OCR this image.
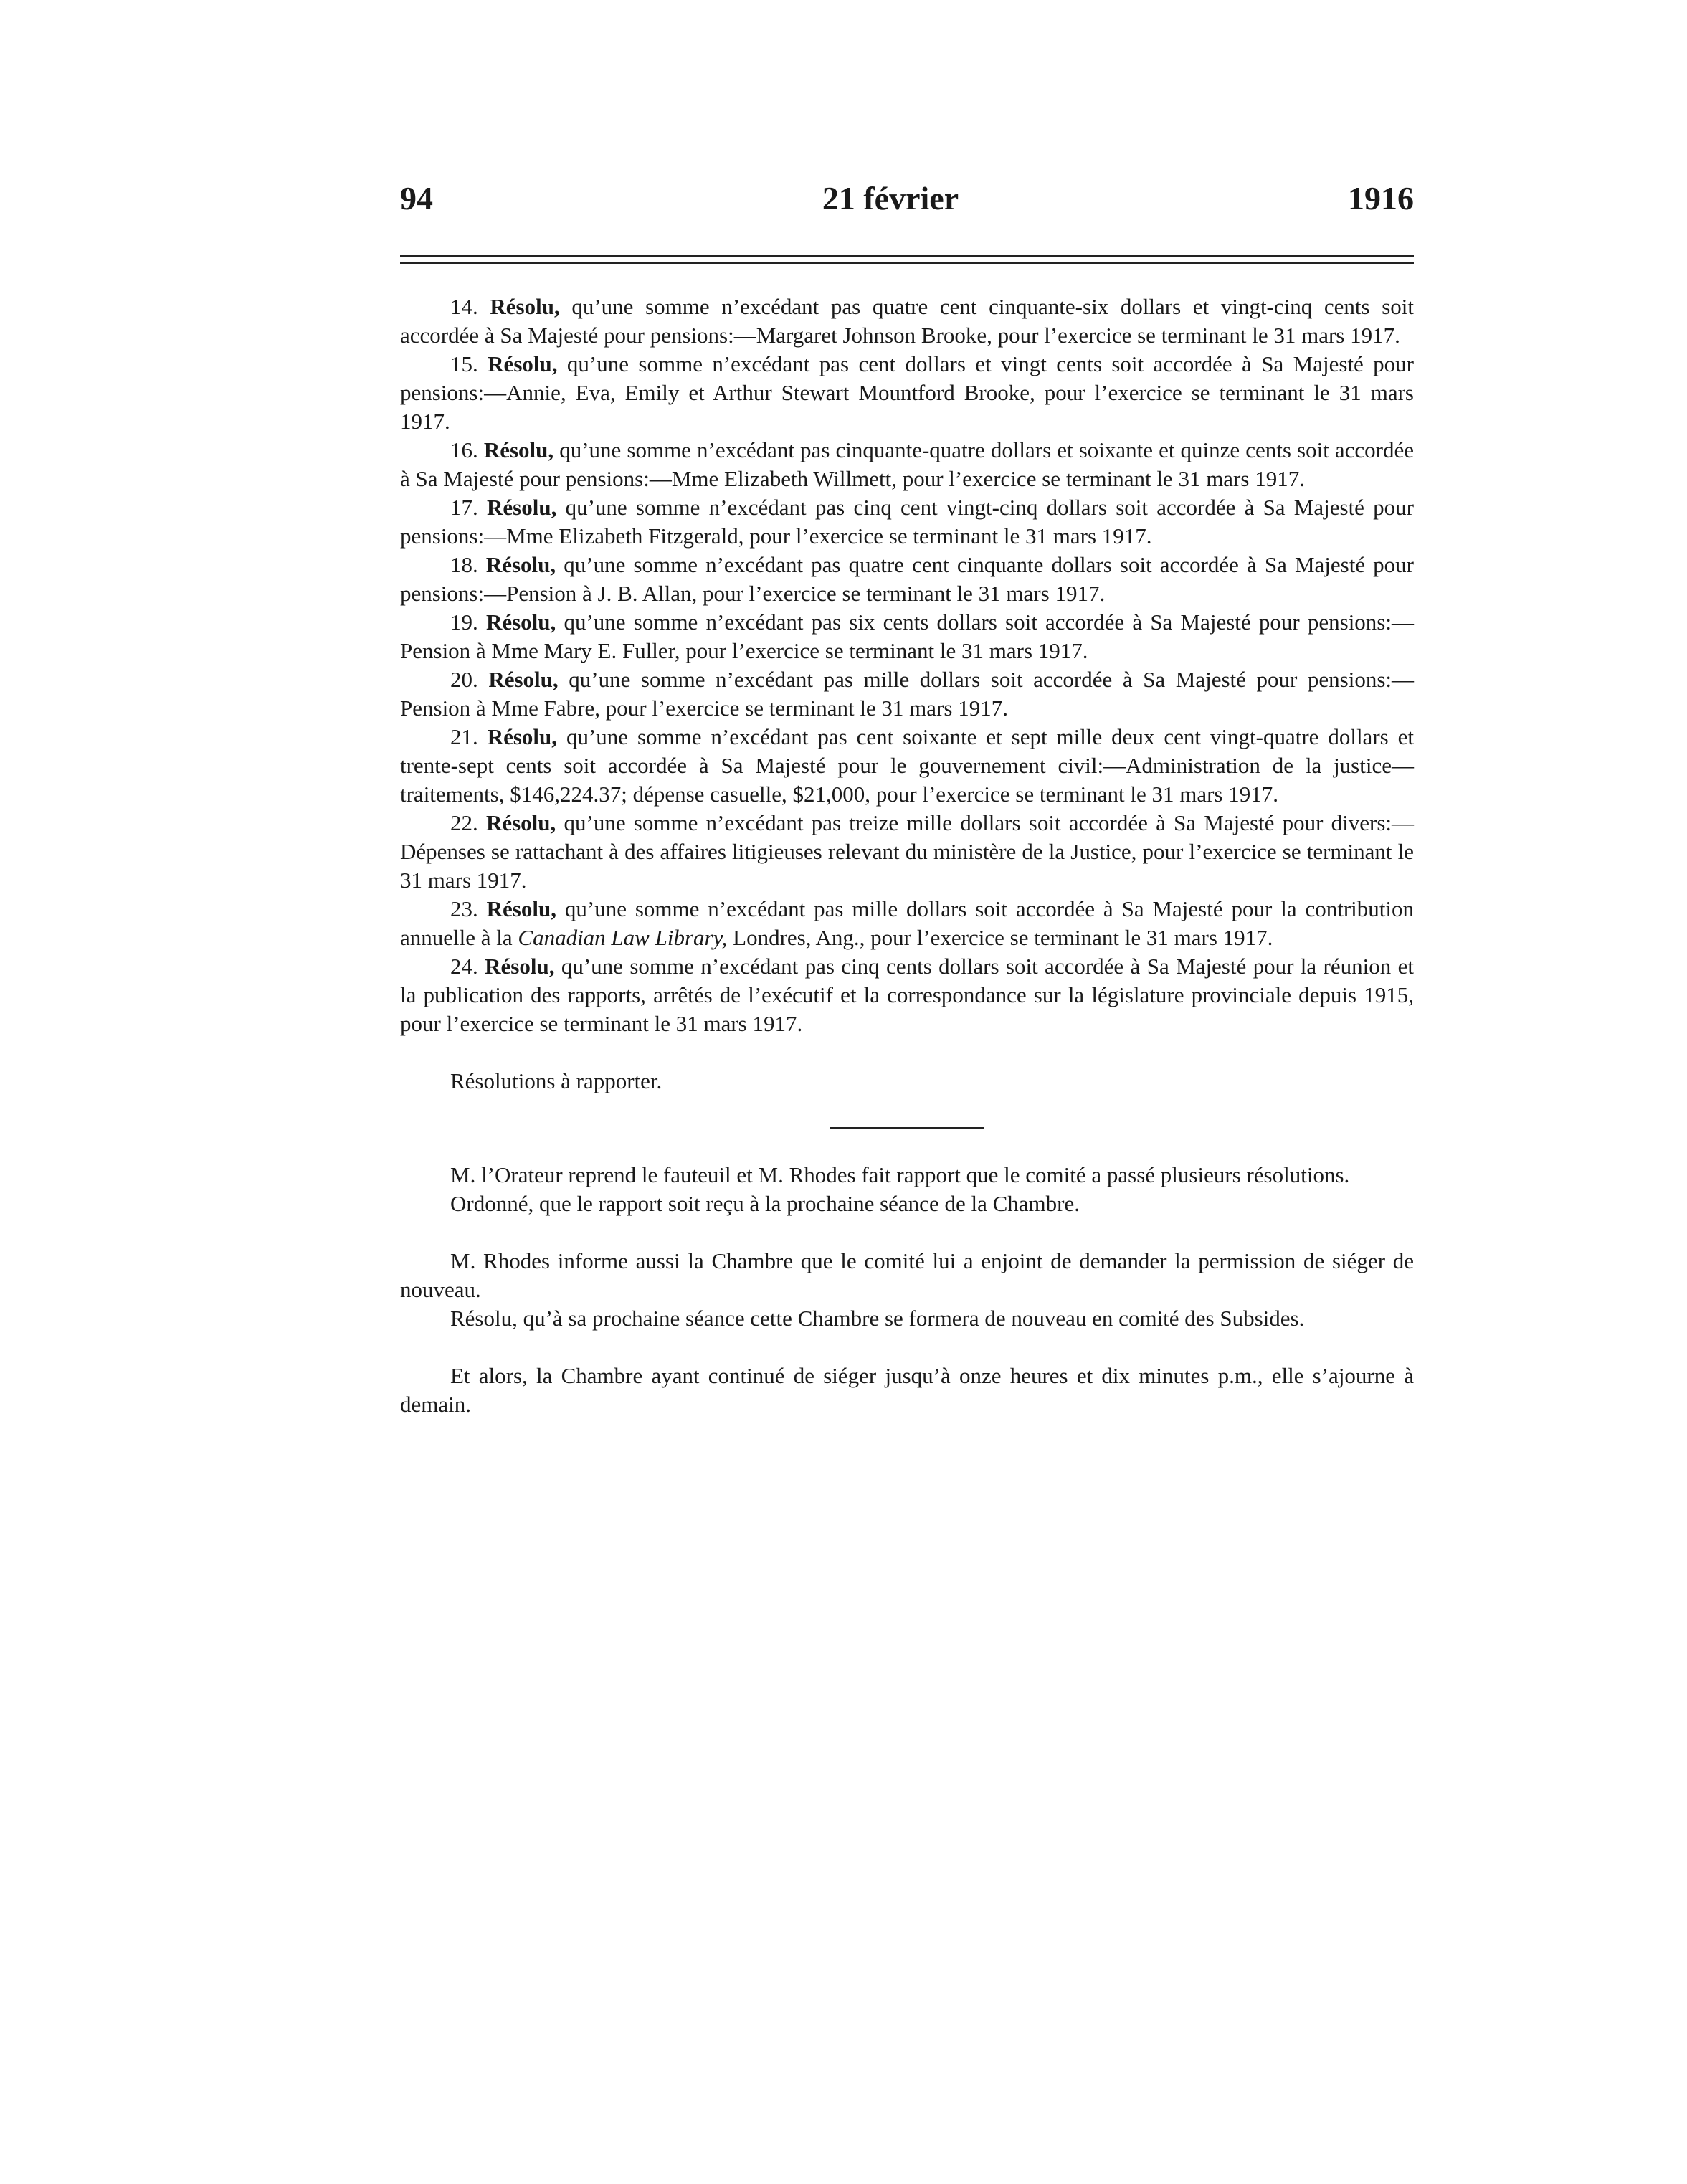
94	21 février	1916

14. Résolu, qu’une somme n’excédant pas quatre cent cinquante-six dollars et vingt-cinq cents soit accordée à Sa Majesté pour pensions:—Margaret Johnson Brooke, pour l’exercice se terminant le 31 mars 1917.

15. Résolu, qu’une somme n’excédant pas cent dollars et vingt cents soit accordée à Sa Majesté pour pensions:—Annie, Eva, Emily et Arthur Stewart Mountford Brooke, pour l’exercice se terminant le 31 mars 1917.

16. Résolu, qu’une somme n’excédant pas cinquante-quatre dollars et soixante et quinze cents soit accordée à Sa Majesté pour pensions:—Mme Elizabeth Willmett, pour l’exercice se terminant le 31 mars 1917.

17. Résolu, qu’une somme n’excédant pas cinq cent vingt-cinq dollars soit accordée à Sa Majesté pour pensions:—Mme Elizabeth Fitzgerald, pour l’exercice se terminant le 31 mars 1917.

18. Résolu, qu’une somme n’excédant pas quatre cent cinquante dollars soit accordée à Sa Majesté pour pensions:—Pension à J. B. Allan, pour l’exercice se terminant le 31 mars 1917.

19. Résolu, qu’une somme n’excédant pas six cents dollars soit accordée à Sa Majesté pour pensions:—Pension à Mme Mary E. Fuller, pour l’exercice se terminant le 31 mars 1917.

20. Résolu, qu’une somme n’excédant pas mille dollars soit accordée à Sa Majesté pour pensions:—Pension à Mme Fabre, pour l’exercice se terminant le 31 mars 1917.

21. Résolu, qu’une somme n’excédant pas cent soixante et sept mille deux cent vingt-quatre dollars et trente-sept cents soit accordée à Sa Majesté pour le gouvernement civil:—Administration de la justice—traitements, $146,224.37; dépense casuelle, $21,000, pour l’exercice se terminant le 31 mars 1917.

22. Résolu, qu’une somme n’excédant pas treize mille dollars soit accordée à Sa Majesté pour divers:—Dépenses se rattachant à des affaires litigieuses relevant du ministère de la Justice, pour l’exercice se terminant le 31 mars 1917.

23. Résolu, qu’une somme n’excédant pas mille dollars soit accordée à Sa Majesté pour la contribution annuelle à la Canadian Law Library, Londres, Ang., pour l’exercice se terminant le 31 mars 1917.

24. Résolu, qu’une somme n’excédant pas cinq cents dollars soit accordée à Sa Majesté pour la réunion et la publication des rapports, arrêtés de l’exécutif et la correspondance sur la législature provinciale depuis 1915, pour l’exercice se terminant le 31 mars 1917.

Résolutions à rapporter.

M. l’Orateur reprend le fauteuil et M. Rhodes fait rapport que le comité a passé plusieurs résolutions.

Ordonné, que le rapport soit reçu à la prochaine séance de la Chambre.

M. Rhodes informe aussi la Chambre que le comité lui a enjoint de demander la permission de siéger de nouveau.

Résolu, qu’à sa prochaine séance cette Chambre se formera de nouveau en comité des Subsides.

Et alors, la Chambre ayant continué de siéger jusqu’à onze heures et dix minutes p.m., elle s’ajourne à demain.
